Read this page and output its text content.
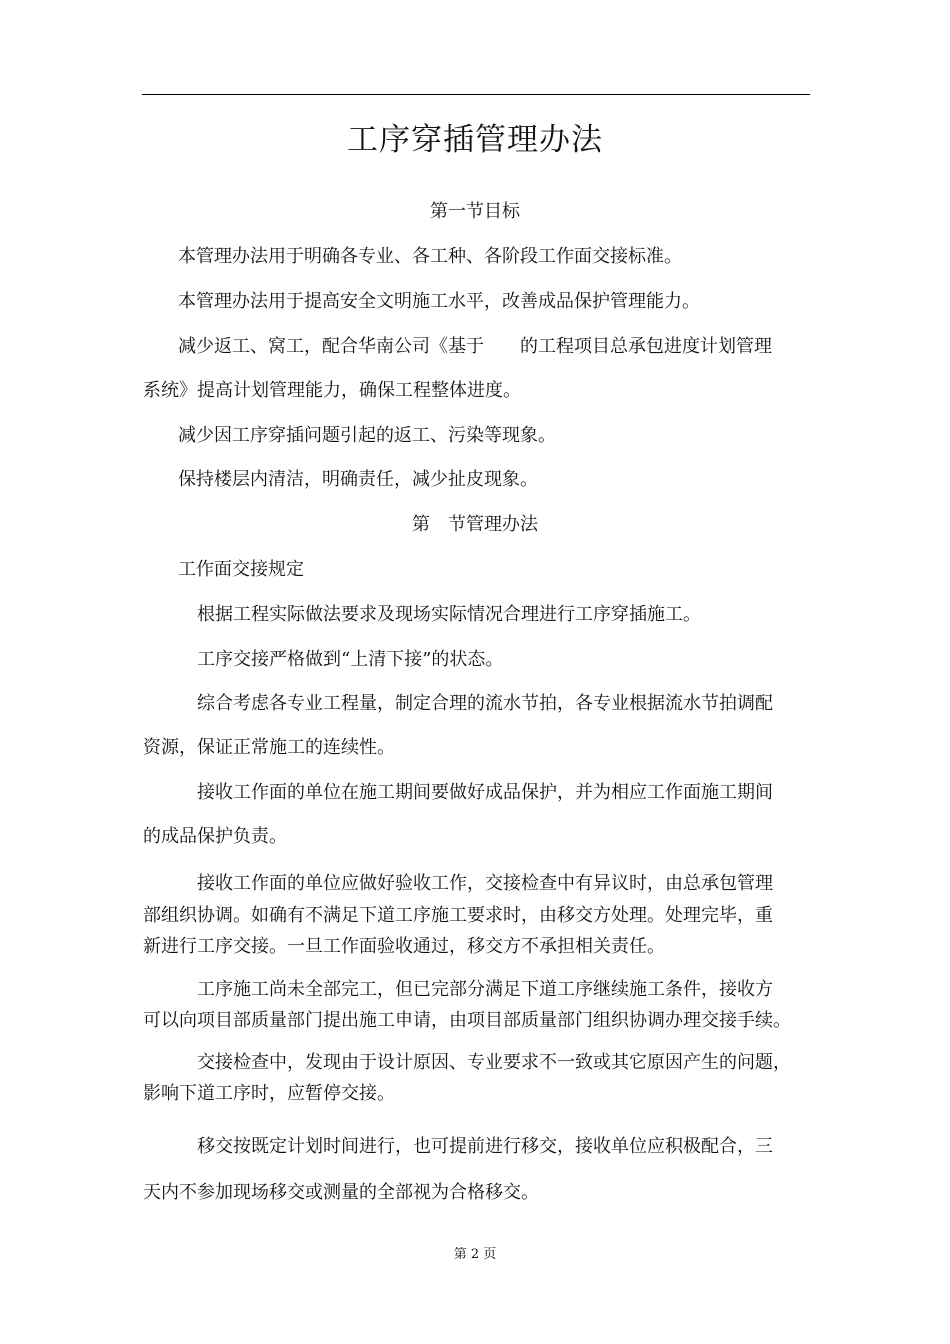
工序穿插管理办法
第一节目标
本管理办法用于明确各专业、各工种、各阶段工作面交接标准。
本管理办法用于提高安全文明施工水平，改善成品保护管理能力。
减少返工、窝工，配合华南公司《基于　　的工程项目总承包进度计划管理
系统》提高计划管理能力，确保工程整体进度。
减少因工序穿插问题引起的返工、污染等现象。
保持楼层内清洁，明确责任，减少扯皮现象。
第　节管理办法
工作面交接规定
根据工程实际做法要求及现场实际情况合理进行工序穿插施工。
工序交接严格做到“上清下接”的状态。
综合考虑各专业工程量，制定合理的流水节拍，各专业根据流水节拍调配
资源，保证正常施工的连续性。
接收工作面的单位在施工期间要做好成品保护，并为相应工作面施工期间
的成品保护负责。
接收工作面的单位应做好验收工作，交接检查中有异议时，由总承包管理
部组织协调。如确有不满足下道工序施工要求时，由移交方处理。处理完毕，重
新进行工序交接。一旦工作面验收通过，移交方不承担相关责任。
工序施工尚未全部完工，但已完部分满足下道工序继续施工条件，接收方
可以向项目部质量部门提出施工申请，由项目部质量部门组织协调办理交接手续。
交接检查中，发现由于设计原因、专业要求不一致或其它原因产生的问题，
影响下道工序时，应暂停交接。
移交按既定计划时间进行，也可提前进行移交，接收单位应积极配合，三
天内不参加现场移交或测量的全部视为合格移交。
第 2 页
